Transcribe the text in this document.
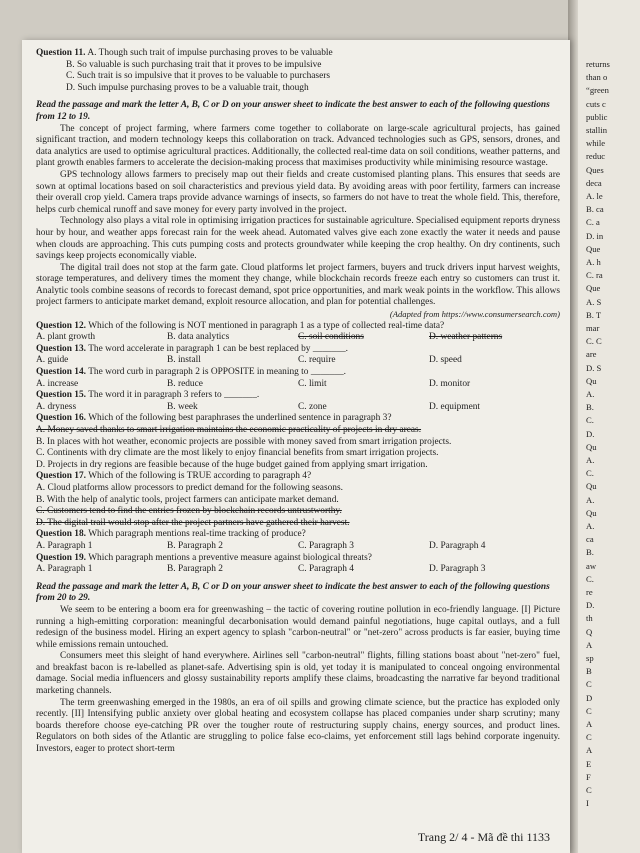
returns
than o
“green
cuts c
public
stallin
while
reduc
Ques
deca
A. le
B. ca
C. a
D. in
Que
A. h
C. ra
Que
A. S
B. T
mar
C. C
are
D. S
Qu
A.
B.
C.
D.
Qu
A.
C.
Qu
A.
Qu
A.
ca
B.
aw
C.
re
D.
th
Q
A
sp
B
C
D
C
A
C
A
E
F
C
I

Question 11. A. Though such trait of impulse purchasing proves to be valuable

B. So valuable is such purchasing trait that it proves to be impulsive

C. Such trait is so impulsive that it proves to be valuable to purchasers

D. Such impulse purchasing proves to be a valuable trait, though

Read the passage and mark the letter A, B, C or D on your answer sheet to indicate the best answer to each of the following questions from 12 to 19.

The concept of project farming, where farmers come together to collaborate on large-scale agricultural projects, has gained significant traction, and modern technology keeps this collaboration on track. Advanced technologies such as GPS, sensors, drones, and data analytics are used to optimise agricultural practices. Additionally, the collected real-time data on soil conditions, weather patterns, and plant growth enables farmers to accelerate the decision-making process that maximises productivity while minimising resource wastage.

GPS technology allows farmers to precisely map out their fields and create customised planting plans. This ensures that seeds are sown at optimal locations based on soil characteristics and previous yield data. By avoiding areas with poor fertility, farmers can increase their overall crop yield. Camera traps provide advance warnings of insects, so farmers do not have to treat the whole field. This, therefore, helps curb chemical runoff and save money for every party involved in the project.

Technology also plays a vital role in optimising irrigation practices for sustainable agriculture. Specialised equipment reports dryness hour by hour, and weather apps forecast rain for the week ahead. Automated valves give each zone exactly the water it needs and pause when clouds are approaching. This cuts pumping costs and protects groundwater while keeping the crop healthy. On dry continents, such savings keep projects economically viable.

The digital trail does not stop at the farm gate. Cloud platforms let project farmers, buyers and truck drivers input harvest weights, storage temperatures, and delivery times the moment they change, while blockchain records freeze each entry so customers can trust it. Analytic tools combine seasons of records to forecast demand, spot price opportunities, and mark weak points in the workflow. This allows project farmers to anticipate market demand, exploit resource allocation, and plan for potential challenges.

(Adapted from https://www.consumersearch.com)

Question 12. Which of the following is NOT mentioned in paragraph 1 as a type of collected real-time data?

A. plant growth	B. data analytics	C. soil conditions	D. weather patterns

Question 13. The word accelerate in paragraph 1 can be best replaced by _______.

A. guide	B. install	C. require	D. speed

Question 14. The word curb in paragraph 2 is OPPOSITE in meaning to _______.

A. increase	B. reduce	C. limit	D. monitor

Question 15. The word it in paragraph 3 refers to _______.

A. dryness	B. week	C. zone	D. equipment

Question 16. Which of the following best paraphrases the underlined sentence in paragraph 3?

A. Money saved thanks to smart irrigation maintains the economic practicality of projects in dry areas.

B. In places with hot weather, economic projects are possible with money saved from smart irrigation projects.

C. Continents with dry climate are the most likely to enjoy financial benefits from smart irrigation projects.

D. Projects in dry regions are feasible because of the huge budget gained from applying smart irrigation.

Question 17. Which of the following is TRUE according to paragraph 4?

A. Cloud platforms allow processors to predict demand for the following seasons.

B. With the help of analytic tools, project farmers can anticipate market demand.

C. Customers tend to find the entries frozen by blockchain records untrustworthy.

D. The digital trail would stop after the project partners have gathered their harvest.

Question 18. Which paragraph mentions real-time tracking of produce?

A. Paragraph 1	B. Paragraph 2	C. Paragraph 3	D. Paragraph 4

Question 19. Which paragraph mentions a preventive measure against biological threats?

A. Paragraph 1	B. Paragraph 2	C. Paragraph 4	D. Paragraph 3

Read the passage and mark the letter A, B, C or D on your answer sheet to indicate the best answer to each of the following questions from 20 to 29.

We seem to be entering a boom era for greenwashing – the tactic of covering routine pollution in eco-friendly language. [I] Picture running a high-emitting corporation: meaningful decarbonisation would demand painful negotiations, huge capital outlays, and a full redesign of the business model. Hiring an expert agency to splash "carbon-neutral" or "net-zero" across products is far easier, buying time while emissions remain untouched.

Consumers meet this sleight of hand everywhere. Airlines sell "carbon-neutral" flights, filling stations boast about "net-zero" fuel, and breakfast bacon is re-labelled as planet-safe. Advertising spin is old, yet today it is manipulated to conceal ongoing environmental damage. Social media influencers and glossy sustainability reports amplify these claims, broadcasting the narrative far beyond traditional marketing channels.

The term greenwashing emerged in the 1980s, an era of oil spills and growing climate science, but the practice has exploded only recently. [II] Intensifying public anxiety over global heating and ecosystem collapse has placed companies under sharp scrutiny; many boards therefore choose eye-catching PR over the tougher route of restructuring supply chains, energy sources, and product lines. Regulators on both sides of the Atlantic are struggling to police false eco-claims, yet enforcement still lags behind corporate ingenuity. Investors, eager to protect short-term

Trang 2/ 4 - Mã đề thi 1133
